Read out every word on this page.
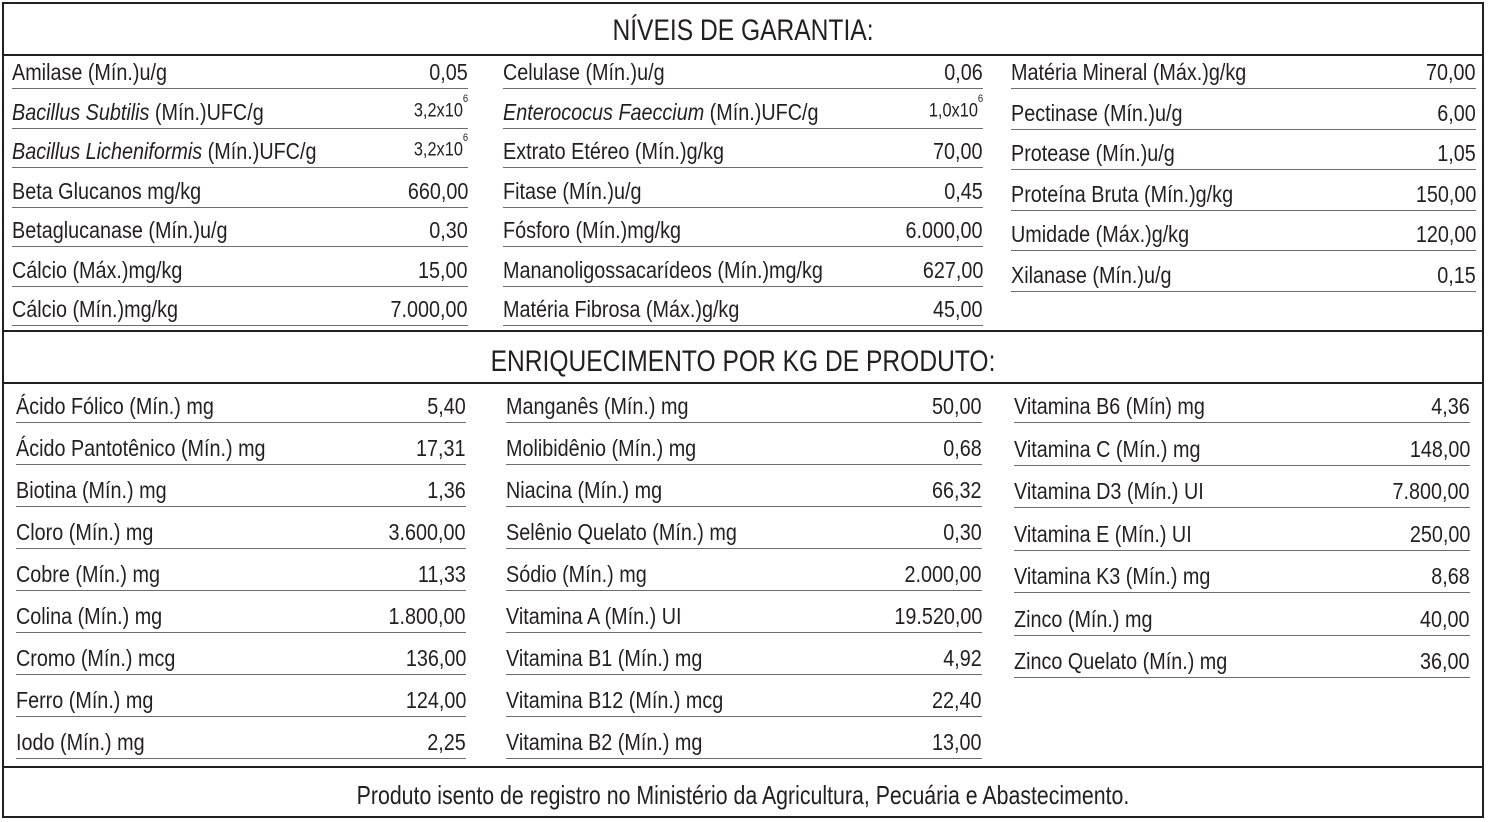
NÍVEIS DE GARANTIA:
Amilase (Mín.)u/g	0,05
Bacillus Subtilis (Mín.)UFC/g	$3,2x10^6$
Bacillus Licheniformis (Mín.)UFC/g	$3,2x10^6$
Beta Glucanos mg/kg	660,00
Betaglucanase (Mín.)u/g	0,30
Cálcio (Máx.)mg/kg	15,00
Cálcio (Mín.)mg/kg	7.000,00
Celulase (Mín.)u/g	0,06
Enterococus Faeccium (Mín.)UFC/g	$1,0x10^6$
Extrato Etéreo (Mín.)g/kg	70,00
Fitase (Mín.)u/g	0,45
Fósforo (Mín.)mg/kg	6.000,00
Mananoligossacarídeos (Mín.)mg/kg	627,00
Matéria Fibrosa (Máx.)g/kg	45,00
Matéria Mineral (Máx.)g/kg	70,00
Pectinase (Mín.)u/g	6,00
Protease (Mín.)u/g	1,05
Proteína Bruta (Mín.)g/kg	150,00
Umidade (Máx.)g/kg	120,00
Xilanase (Mín.)u/g	0,15
ENRIQUECIMENTO POR KG DE PRODUTO:
Ácido Fólico (Mín.) mg	5,40
Ácido Pantotênico (Mín.) mg	17,31
Biotina (Mín.) mg	1,36
Cloro (Mín.) mg	3.600,00
Cobre (Mín.) mg	11,33
Colina (Mín.) mg	1.800,00
Cromo (Mín.) mcg	136,00
Ferro (Mín.) mg	124,00
Iodo (Mín.) mg	2,25
Manganês (Mín.) mg	50,00
Molibidênio (Mín.) mg	0,68
Niacina (Mín.) mg	66,32
Selênio Quelato (Mín.) mg	0,30
Sódio (Mín.) mg	2.000,00
Vitamina A (Mín.) UI	19.520,00
Vitamina B1 (Mín.) mg	4,92
Vitamina B12 (Mín.) mcg	22,40
Vitamina B2 (Mín.) mg	13,00
Vitamina B6 (Mín) mg	4,36
Vitamina C (Mín.) mg	148,00
Vitamina D3 (Mín.) UI	7.800,00
Vitamina E (Mín.) UI	250,00
Vitamina K3 (Mín.) mg	8,68
Zinco (Mín.) mg	40,00
Zinco Quelato (Mín.) mg	36,00
Produto isento de registro no Ministério da Agricultura, Pecuária e Abastecimento.
